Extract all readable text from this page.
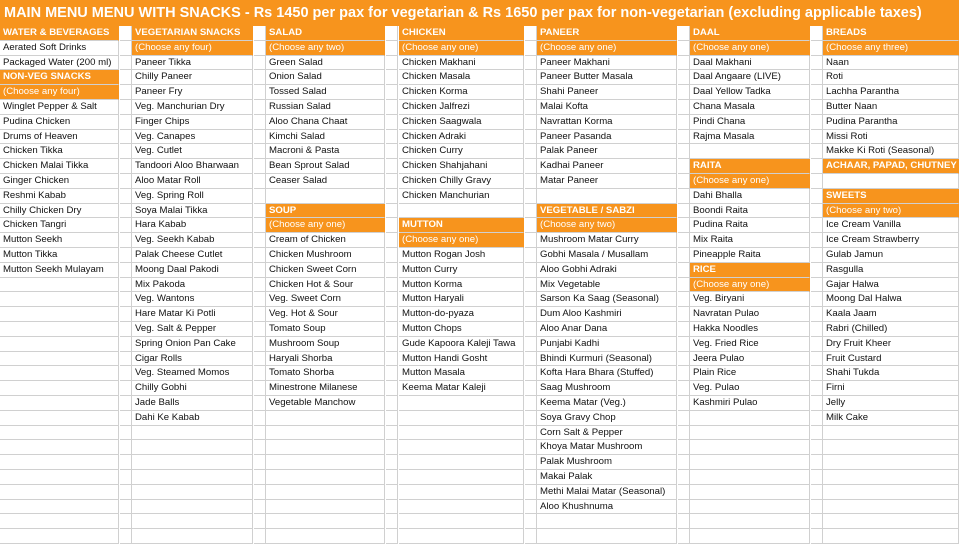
MAIN MENU MENU WITH SNACKS - Rs 1450 per pax for vegetarian & Rs 1650 per pax for non-vegetarian (excluding applicable taxes)
WATER & BEVERAGES
Aerated Soft Drinks
Packaged Water (200 ml)
NON-VEG SNACKS
(Choose any four)
Winglet Pepper & Salt
Pudina Chicken
Drums of Heaven
Chicken Tikka
Chicken Malai Tikka
Ginger Chicken
Reshmi Kabab
Chilly Chicken Dry
Chicken Tangri
Mutton Seekh
Mutton Tikka
Mutton Seekh Mulayam
VEGETARIAN SNACKS
(Choose any four)
Paneer Tikka
Chilly Paneer
Paneer Fry
Veg. Manchurian Dry
Finger Chips
Veg. Canapes
Veg. Cutlet
Tandoori Aloo Bharwaan
Aloo Matar Roll
Veg. Spring Roll
Soya Malai Tikka
Hara Kabab
Veg. Seekh Kabab
Palak Cheese Cutlet
Moong Daal Pakodi
Mix Pakoda
Veg. Wantons
Hare Matar Ki Potli
Veg. Salt & Pepper
Spring Onion Pan Cake
Cigar Rolls
Veg. Steamed Momos
Chilly Gobhi
Jade Balls
Dahi Ke Kabab
SALAD
(Choose any two)
Green Salad
Onion Salad
Tossed Salad
Russian Salad
Aloo Chana Chaat
Kimchi Salad
Macroni & Pasta
Bean Sprout Salad
Ceaser Salad
SOUP
(Choose any one)
Cream of Chicken
Chicken Mushroom
Chicken Sweet Corn
Chicken Hot & Sour
Veg. Sweet Corn
Veg. Hot & Sour
Tomato Soup
Mushroom Soup
Haryali Shorba
Tomato Shorba
Minestrone Milanese
Vegetable Manchow
CHICKEN
(Choose any one)
Chicken Makhani
Chicken Masala
Chicken Korma
Chicken Jalfrezi
Chicken Saagwala
Chicken Adraki
Chicken Curry
Chicken Shahjahani
Chicken Chilly Gravy
Chicken Manchurian
MUTTON
(Choose any one)
Mutton Rogan Josh
Mutton Curry
Mutton Korma
Mutton Haryali
Mutton-do-pyaza
Mutton Chops
Gude Kapoora Kaleji Tawa
Mutton Handi Gosht
Mutton Masala
Keema Matar Kaleji
PANEER
(Choose any one)
Paneer Makhani
Paneer Butter Masala
Shahi Paneer
Malai Kofta
Navrattan Korma
Paneer Pasanda
Palak Paneer
Kadhai Paneer
Matar Paneer
VEGETABLE / SABZI
(Choose any two)
Mushroom Matar Curry
Gobhi Masala / Musallam
Aloo Gobhi Adraki
Mix Vegetable
Sarson Ka Saag (Seasonal)
Dum Aloo Kashmiri
Aloo Anar Dana
Punjabi Kadhi
Bhindi Kurmuri (Seasonal)
Kofta Hara Bhara (Stuffed)
Saag Mushroom
Keema Matar (Veg.)
Soya Gravy Chop
Corn Salt & Pepper
Khoya Matar Mushroom
Palak Mushroom
Makai Palak
Methi Malai Matar (Seasonal)
Aloo Khushnuma
DAAL
(Choose any one)
Daal Makhani
Daal Angaare (LIVE)
Daal Yellow Tadka
Chana Masala
Pindi Chana
Rajma Masala
RAITA
(Choose any one)
Dahi Bhalla
Boondi Raita
Pudina Raita
Mix Raita
Pineapple Raita
RICE
(Choose any one)
Veg. Biryani
Navratan Pulao
Hakka Noodles
Veg. Fried Rice
Jeera Pulao
Plain Rice
Veg. Pulao
Kashmiri Pulao
BREADS
(Choose any three)
Naan
Roti
Lachha Parantha
Butter Naan
Pudina Parantha
Missi Roti
Makke Ki Roti (Seasonal)
ACHAAR, PAPAD, CHUTNEY
SWEETS
(Choose any two)
Ice Cream Vanilla
Ice Cream Strawberry
Gulab Jamun
Rasgulla
Gajar Halwa
Moong Dal Halwa
Kaala Jaam
Rabri (Chilled)
Dry Fruit Kheer
Fruit Custard
Shahi Tukda
Firni
Jelly
Milk Cake
